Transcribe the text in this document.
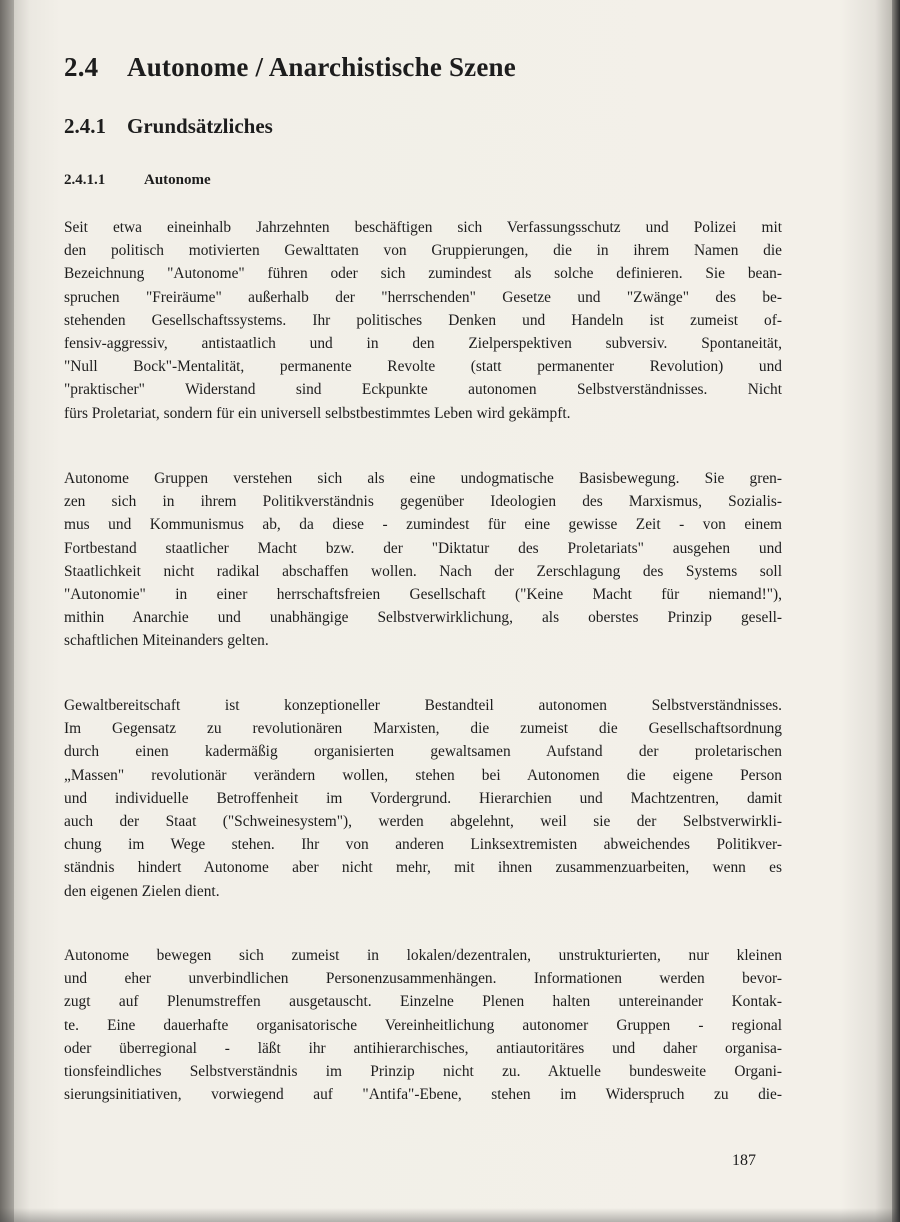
2.4 Autonome / Anarchistische Szene
2.4.1 Grundsätzliches
2.4.1.1	Autonome
Seit etwa eineinhalb Jahrzehnten beschäftigen sich Verfassungsschutz und Polizei mit
den politisch motivierten Gewalttaten von Gruppierungen, die in ihrem Namen die
Bezeichnung "Autonome" führen oder sich zumindest als solche definieren. Sie bean-
spruchen "Freiräume" außerhalb der "herrschenden" Gesetze und "Zwänge" des be-
stehenden Gesellschaftssystems. Ihr politisches Denken und Handeln ist zumeist of-
fensiv-aggressiv, antistaatlich und in den Zielperspektiven subversiv. Spontaneität,
"Null Bock"-Mentalität, permanente Revolte (statt permanenter Revolution) und
"praktischer" Widerstand sind Eckpunkte autonomen Selbstverständnisses. Nicht
fürs Proletariat, sondern für ein universell selbstbestimmtes Leben wird gekämpft.
Autonome Gruppen verstehen sich als eine undogmatische Basisbewegung. Sie gren-
zen sich in ihrem Politikverständnis gegenüber Ideologien des Marxismus, Sozialis-
mus und Kommunismus ab, da diese - zumindest für eine gewisse Zeit - von einem
Fortbestand staatlicher Macht bzw. der "Diktatur des Proletariats" ausgehen und
Staatlichkeit nicht radikal abschaffen wollen. Nach der Zerschlagung des Systems soll
"Autonomie" in einer herrschaftsfreien Gesellschaft ("Keine Macht für niemand!"),
mithin Anarchie und unabhängige Selbstverwirklichung, als oberstes Prinzip gesell-
schaftlichen Miteinanders gelten.
Gewaltbereitschaft ist konzeptioneller Bestandteil autonomen Selbstverständnisses.
Im Gegensatz zu revolutionären Marxisten, die zumeist die Gesellschaftsordnung
durch einen kadermäßig organisierten gewaltsamen Aufstand der proletarischen
„Massen" revolutionär verändern wollen, stehen bei Autonomen die eigene Person
und individuelle Betroffenheit im Vordergrund. Hierarchien und Machtzentren, damit
auch der Staat ("Schweinesystem"), werden abgelehnt, weil sie der Selbstverwirkli-
chung im Wege stehen. Ihr von anderen Linksextremisten abweichendes Politikver-
ständnis hindert Autonome aber nicht mehr, mit ihnen zusammenzuarbeiten, wenn es
den eigenen Zielen dient.
Autonome bewegen sich zumeist in lokalen/dezentralen, unstrukturierten, nur kleinen
und eher unverbindlichen Personenzusammenhängen. Informationen werden bevor-
zugt auf Plenumstreffen ausgetauscht. Einzelne Plenen halten untereinander Kontak-
te. Eine dauerhafte organisatorische Vereinheitlichung autonomer Gruppen - regional
oder überregional - läßt ihr antihierarchisches, antiautoritäres und daher organisa-
tionsfeindliches Selbstverständnis im Prinzip nicht zu. Aktuelle bundesweite Organi-
sierungsinitiativen, vorwiegend auf "Antifa"-Ebene, stehen im Widerspruch zu die-
187
